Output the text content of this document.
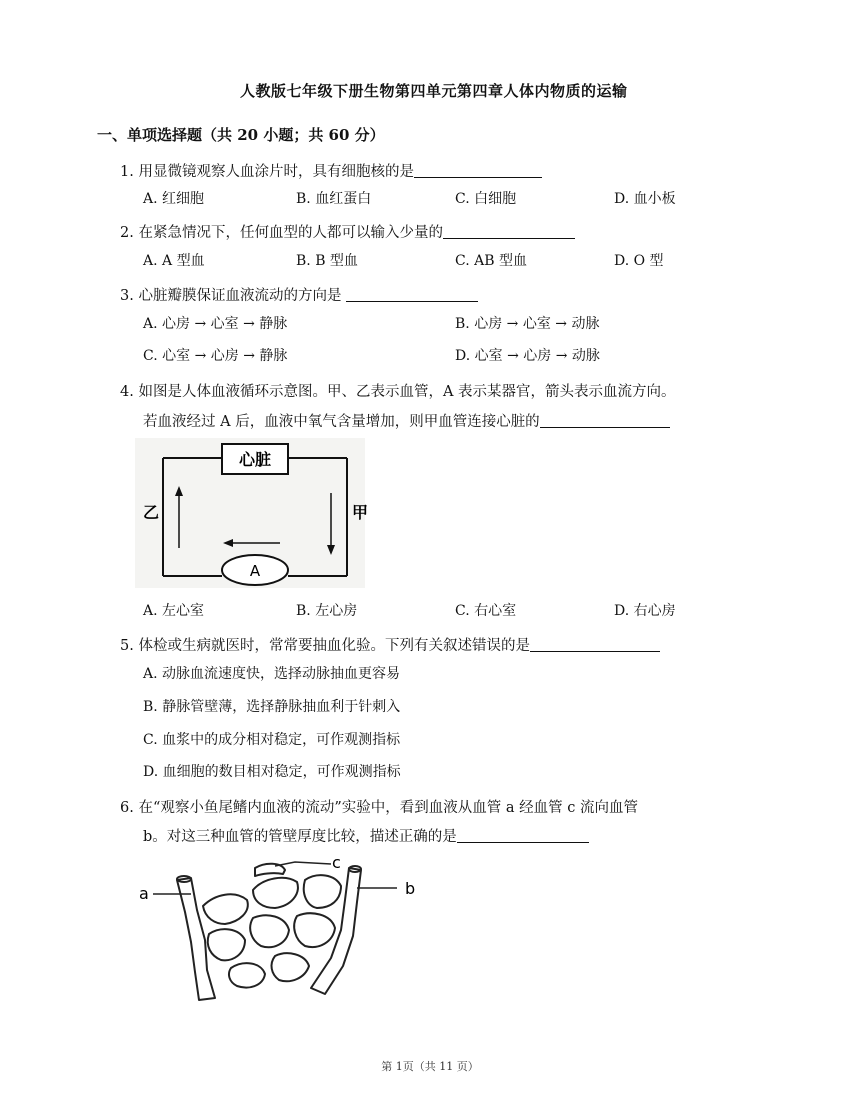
人教版七年级下册生物第四单元第四章人体内物质的运输
一、单项选择题（共 20 小题；共 60 分）
1. 用显微镜观察人血涂片时，具有细胞核的是
A. 红细胞	B. 血红蛋白	C. 白细胞	D. 血小板
2. 在紧急情况下，任何血型的人都可以输入少量的
A. A 型血	B. B 型血	C. AB 型血	D. O 型
3. 心脏瓣膜保证血液流动的方向是
A. 心房 → 心室 → 静脉	B. 心房 → 心室 → 动脉
C. 心室 → 心房 → 静脉	D. 心室 → 心房 → 动脉
4. 如图是人体血液循环示意图。甲、乙表示血管，A 表示某器官，箭头表示血流方向。
若血液经过 A 后，血液中氧气含量增加，则甲血管连接心脏的
心脏
A
乙	甲
A. 左心室	B. 左心房	C. 右心室	D. 右心房
5. 体检或生病就医时，常常要抽血化验。下列有关叙述错误的是
A. 动脉血流速度快，选择动脉抽血更容易
B. 静脉管壁薄，选择静脉抽血利于针刺入
C. 血浆中的成分相对稳定，可作观测指标
D. 血细胞的数目相对稳定，可作观测指标
6. 在“观察小鱼尾鳍内血液的流动”实验中，看到血液从血管 a 经血管 c 流向血管
b。对这三种血管的管壁厚度比较，描述正确的是
a
c
b
第 1页（共 11 页）
